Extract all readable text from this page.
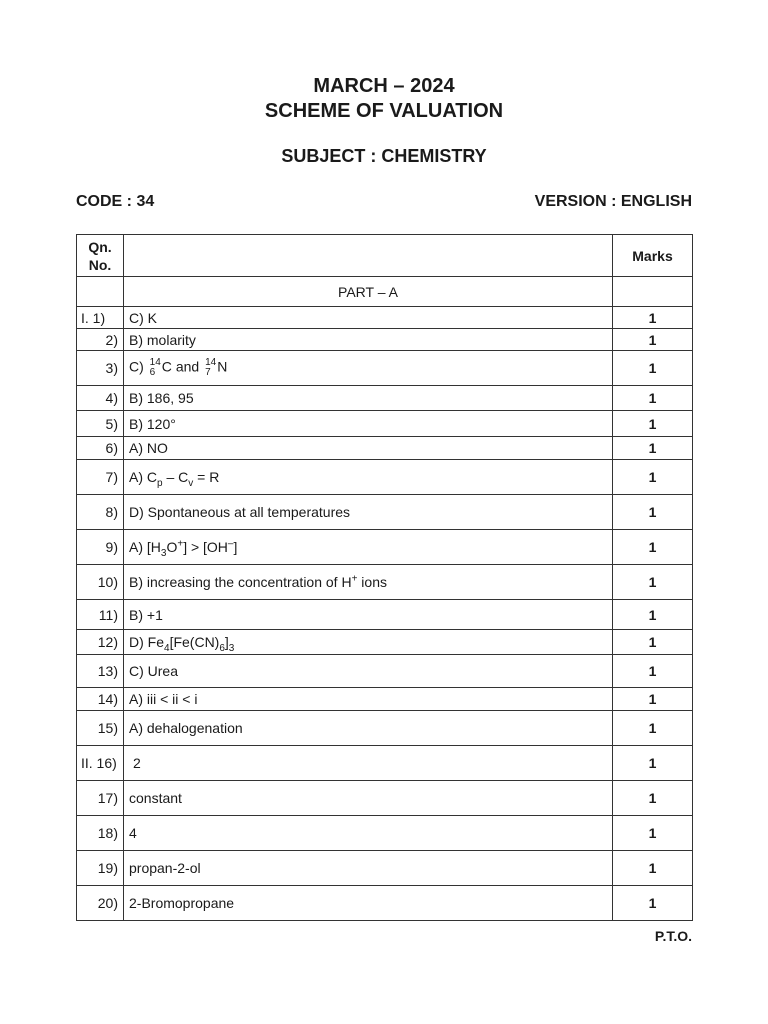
MARCH – 2024
SCHEME OF VALUATION
SUBJECT : CHEMISTRY
CODE : 34	VERSION : ENGLISH
Qn.
No.		Marks
	PART – A	
I. 1)	C) K	1
2)	B) molarity	1
3)	C) 14
6 C and 14
7 N	1
4)	B) 186, 95	1
5)	B) 120°	1
6)	A) NO	1
7)	A) $C_p - C_v = R$	1
8)	D) Spontaneous at all temperatures	1
9)	A) $[H_3O^+] > [OH^-]$	1
10)	B) increasing the concentration of H+ ions	1
11)	B) +1	1
12)	D) $Fe_4[Fe(CN)_6]_3$	1
13)	C) Urea	1
14)	A) iii < ii < i	1
15)	A) dehalogenation	1
II. 16)	2	1
17)	constant	1
18)	4	1
19)	propan-2-ol	1
20)	2-Bromopropane	1
P.T.O.
